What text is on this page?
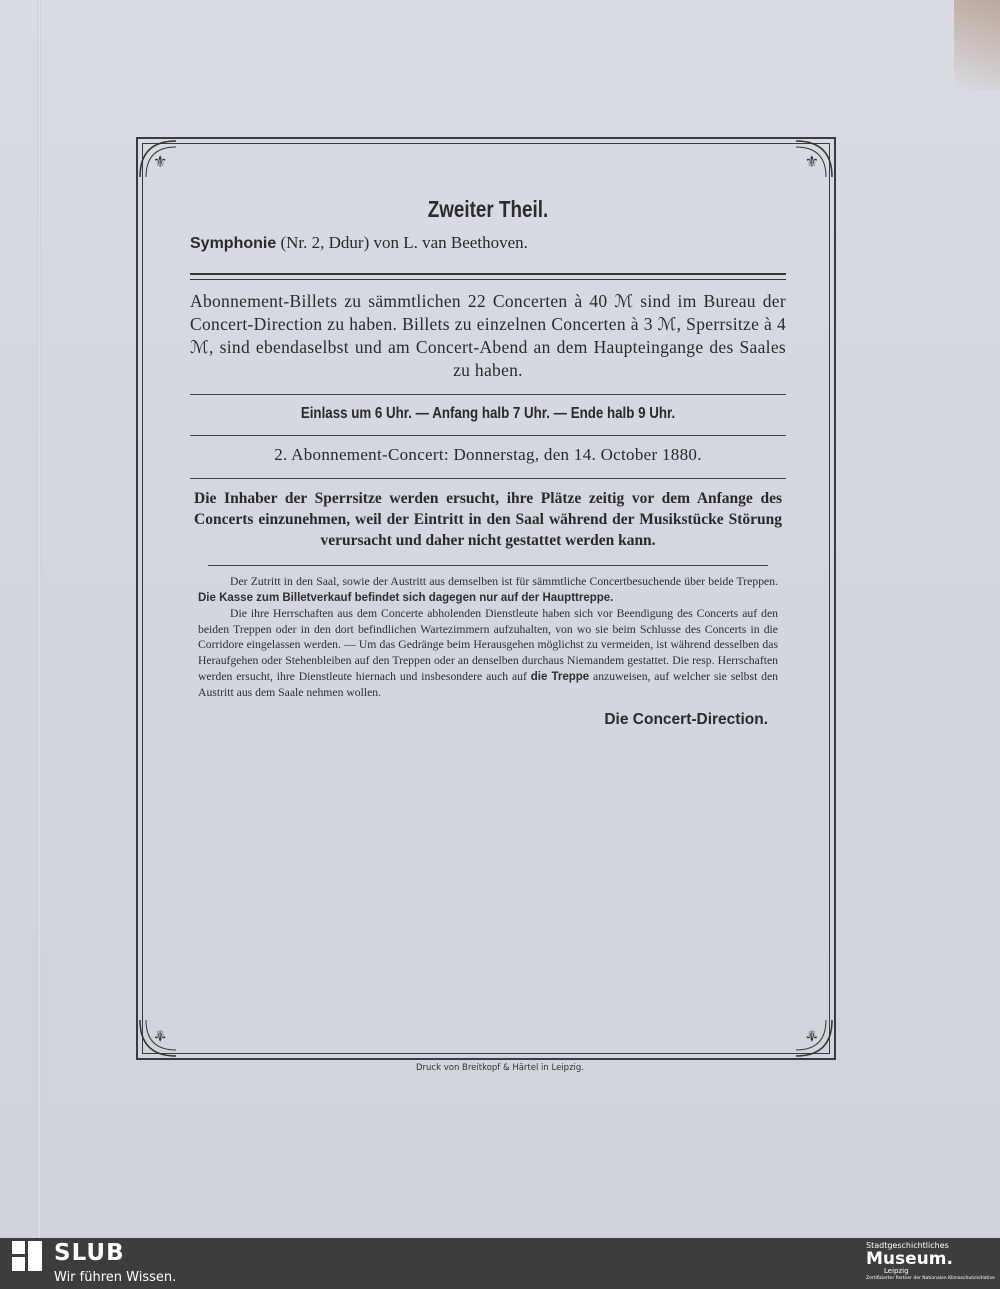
⚜	⚜
⚜	⚜
Zweiter Theil.
Symphonie (Nr. 2, Ddur) von L. van Beethoven.
Abonnement-Billets zu sämmtlichen 22 Concerten à 40 ℳ sind im Bureau der Concert-Direction zu haben. Billets zu einzelnen Concerten à 3 ℳ, Sperrsitze à 4 ℳ, sind ebendaselbst und am Concert-Abend an dem Haupteingange des Saales zu haben.
Einlass um 6 Uhr. — Anfang halb 7 Uhr. — Ende halb 9 Uhr.
2. Abonnement-Concert: Donnerstag, den 14. October 1880.
Die Inhaber der Sperrsitze werden ersucht, ihre Plätze zeitig vor dem Anfange des Concerts einzunehmen, weil der Eintritt in den Saal während der Musikstücke Störung verursacht und daher nicht gestattet werden kann.

Der Zutritt in den Saal, sowie der Austritt aus demselben ist für sämmtliche Concertbesuchende über beide Treppen. Die Kasse zum Billetverkauf befindet sich dagegen nur auf der Haupttreppe.

Die ihre Herrschaften aus dem Concerte abholenden Dienstleute haben sich vor Beendigung des Concerts auf den beiden Treppen oder in den dort befindlichen Wartezimmern aufzuhalten, von wo sie beim Schlusse des Concerts in die Corridore eingelassen werden. — Um das Gedränge beim Herausgehen möglichst zu vermeiden, ist während desselben das Heraufgehen oder Stehenbleiben auf den Treppen oder an denselben durchaus Niemandem gestattet. Die resp. Herrschaften werden ersucht, ihre Dienstleute hiernach und insbesondere auch auf die Treppe anzuweisen, auf welcher sie selbst den Austritt aus dem Saale nehmen wollen.

Die Concert-Direction.
Druck von Breitkopf & Härtel in Leipzig.
SLUB
Wir führen Wissen.
Stadtgeschichtliches
Museum.
Leipzig
Zertifizierter Partner der Nationalen Klimaschutzinitiative
